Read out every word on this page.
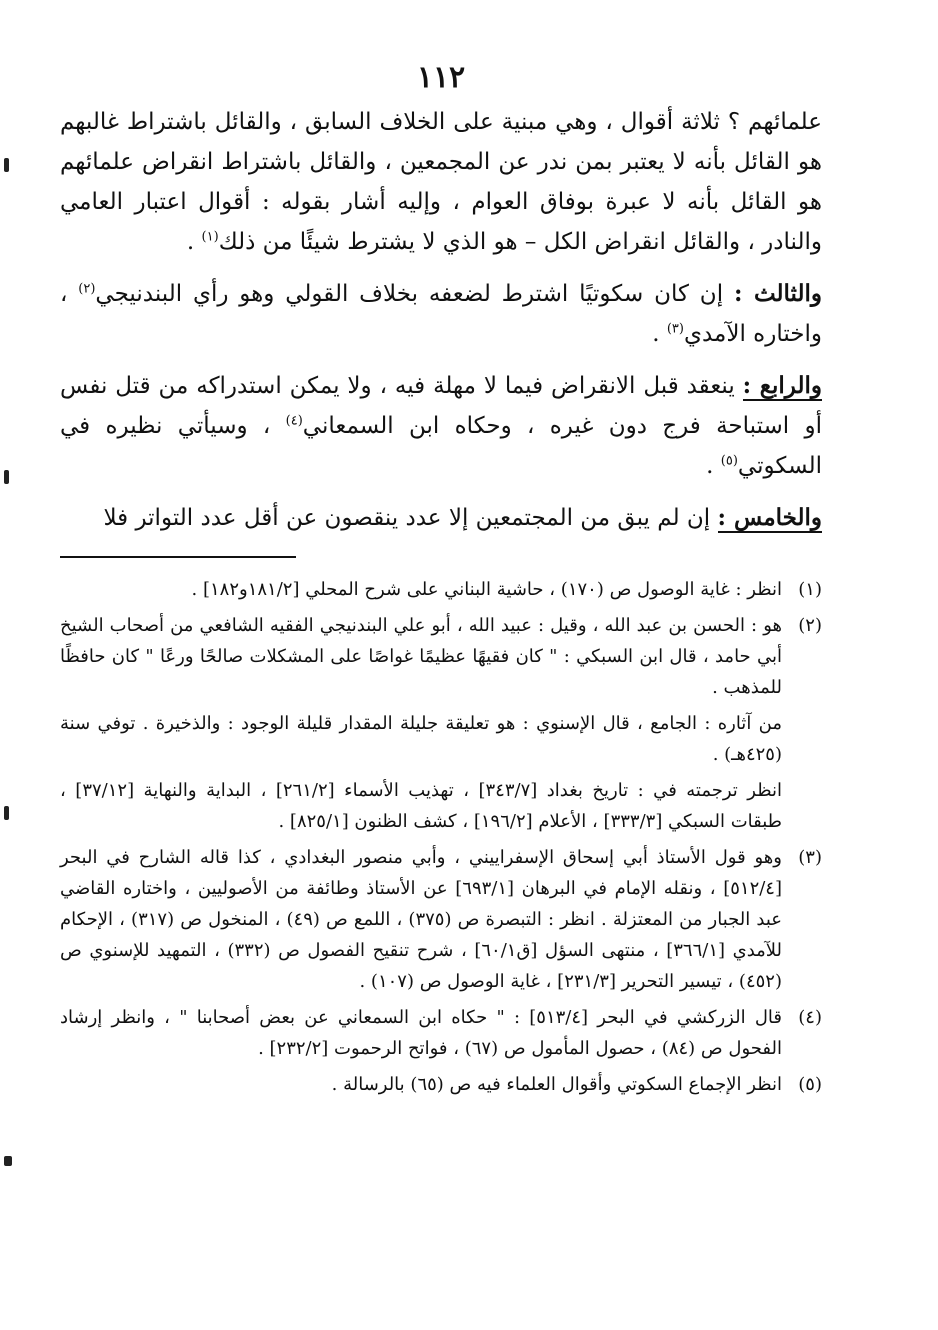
١١٢

علمائهم ؟ ثلاثة أقوال ، وهي مبنية على الخلاف السابق ، والقائل باشتراط غالبهم هو القائل بأنه لا يعتبر بمن ندر عن المجمعين ، والقائل باشتراط انقراض علمائهم هو القائل بأنه لا عبرة بوفاق العوام ، وإليه أشار بقوله : أقوال اعتبار العامي والنادر ، والقائل انقراض الكل – هو الذي لا يشترط شيئًا من ذلك$^{(١)}$ .

والثالث : إن كان سكوتيًا اشترط لضعفه بخلاف القولي وهو رأي البندنيجي$^{(٢)}$ ، واختاره الآمدي$^{(٣)}$ .

والرابع : ينعقد قبل الانقراض فيما لا مهلة فيه ، ولا يمكن استدراكه من قتل نفس أو استباحة فرج دون غيره ، وحكاه ابن السمعاني$^{(٤)}$ ، وسيأتي نظيره في السكوتي$^{(٥)}$ .

والخامس : إن لم يبق من المجتمعين إلا عدد ينقصون عن أقل عدد التواتر فلا

(١)
انظر : غاية الوصول ص (١٧٠) ، حاشية البناني على شرح المحلي [١٨١/٢و١٨٢] .
(٢)
هو : الحسن بن عبد الله ، وقيل : عبيد الله ، أبو علي البندنيجي الفقيه الشافعي من أصحاب الشيخ أبي حامد ، قال ابن السبكي : " كان فقيهًا عظيمًا غواصًا على المشكلات صالحًا ورعًا " كان حافظًا للمذهب .
من آثاره : الجامع ، قال الإسنوي : هو تعليقة جليلة المقدار قليلة الوجود : والذخيرة . توفي سنة (٤٢٥هـ) .
انظر ترجمته في : تاريخ بغداد [٣٤٣/٧] ، تهذيب الأسماء [٢٦١/٢] ، البداية والنهاية [٣٧/١٢] ، طبقات السبكي [٣٣٣/٣] ، الأعلام [١٩٦/٢] ، كشف الظنون [٨٢٥/١] .
(٣)
وهو قول الأستاذ أبي إسحاق الإسفراييني ، وأبي منصور البغدادي ، كذا قاله الشارح في البحر [٥١٢/٤] ، ونقله الإمام في البرهان [٦٩٣/١] عن الأستاذ وطائفة من الأصوليين ، واختاره القاضي عبد الجبار من المعتزلة . انظر : التبصرة ص (٣٧٥) ، اللمع ص (٤٩) ، المنخول ص (٣١٧) ، الإحكام للآمدي [٣٦٦/١] ، منتهى السؤل [ق٦٠/١] ، شرح تنقيح الفصول ص (٣٣٢) ، التمهيد للإسنوي ص (٤٥٢) ، تيسير التحرير [٢٣١/٣] ، غاية الوصول ص (١٠٧) .
(٤)
قال الزركشي في البحر [٥١٣/٤] : " حكاه ابن السمعاني عن بعض أصحابنا " ، وانظر إرشاد الفحول ص (٨٤) ، حصول المأمول ص (٦٧) ، فواتح الرحموت [٢٣٢/٢] .
(٥)
انظر الإجماع السكوتي وأقوال العلماء فيه ص (٦٥) بالرسالة .
